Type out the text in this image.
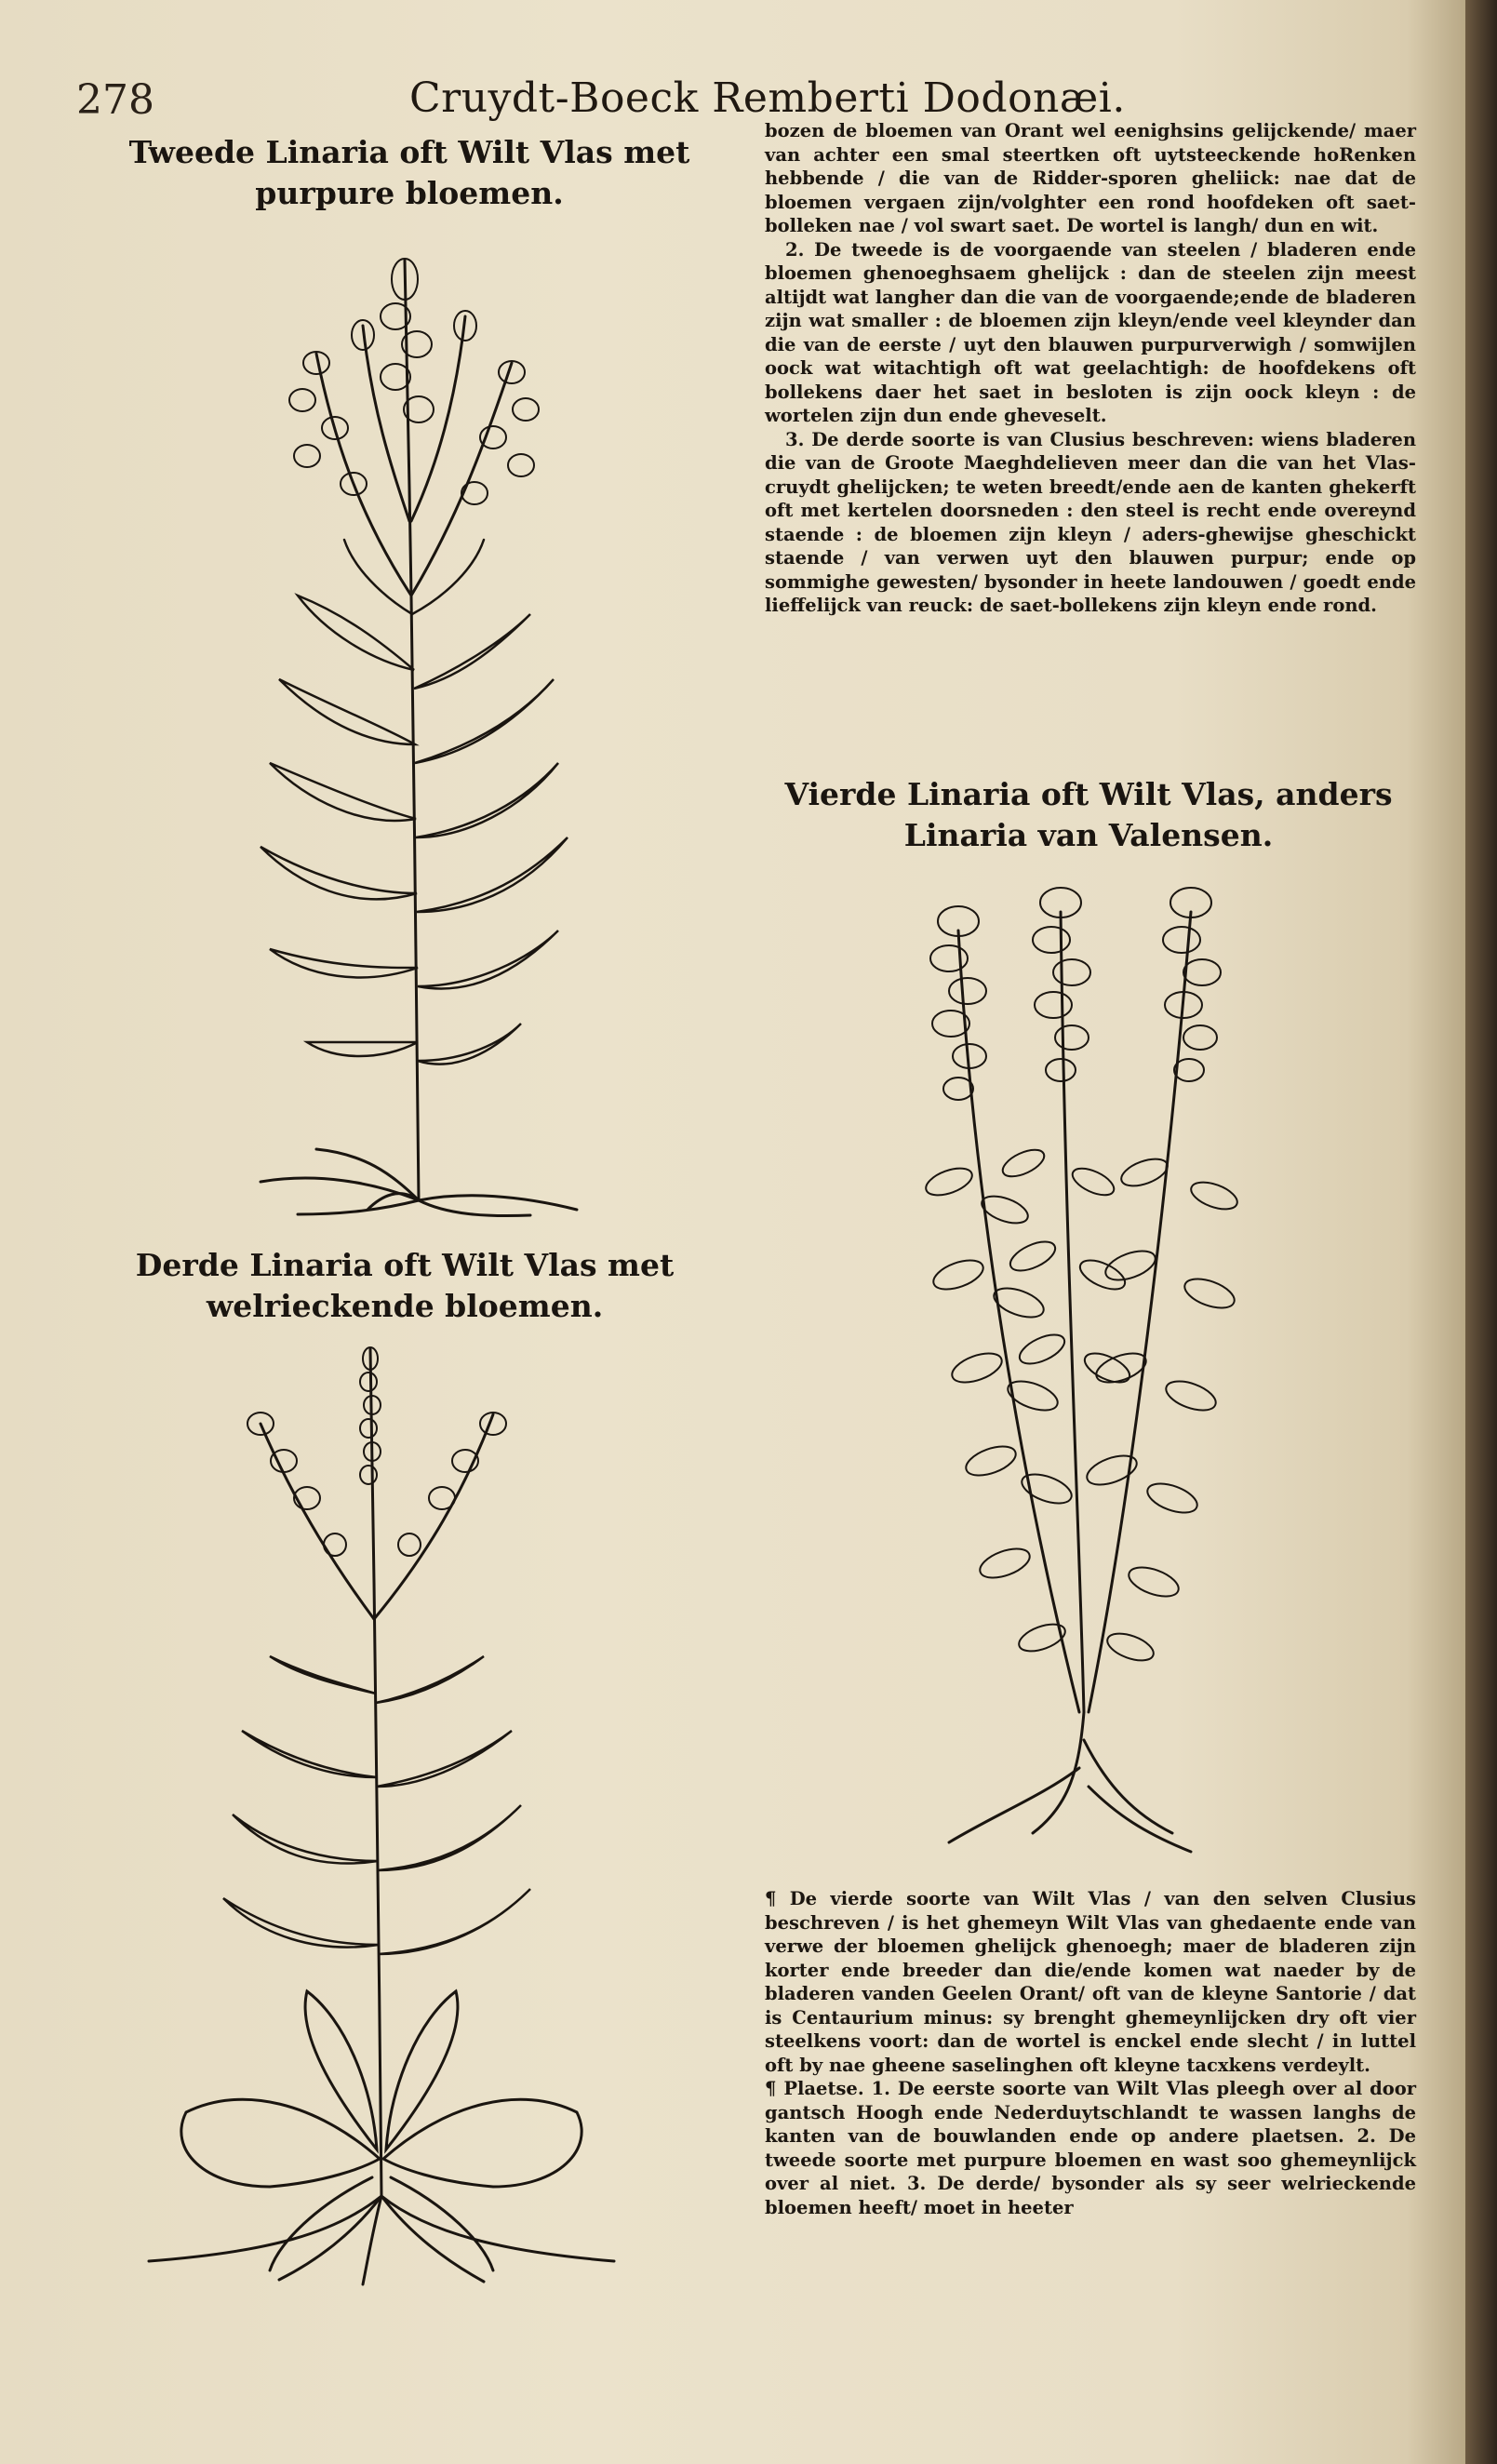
278	Cruydt-Boeck Remberti Dodonæi.
Tweede Linaria oft Wilt Vlas met purpure bloemen.
Derde Linaria oft Wilt Vlas met welrieckende bloemen.

bozen de bloemen van Orant wel eenighsins gelijckende/ maer van achter een smal steertken oft uytsteeckende hoRenken hebbende / die van de Ridder-sporen gheliick: nae dat de bloemen vergaen zijn/volghter een rond hoofdeken oft saet-bolleken nae / vol swart saet. De wortel is langh/ dun en wit.

2. De tweede is de voorgaende van steelen / bladeren ende bloemen ghenoeghsaem ghelijck : dan de steelen zijn meest altijdt wat langher dan die van de voorgaende;ende de bladeren zijn wat smaller : de bloemen zijn kleyn/ende veel kleynder dan die van de eerste / uyt den blauwen purpurverwigh / somwijlen oock wat witachtigh oft wat geelachtigh: de hoofdekens oft bollekens daer het saet in besloten is zijn oock kleyn : de wortelen zijn dun ende gheveselt.

3. De derde soorte is van Clusius beschreven: wiens bladeren die van de Groote Maeghdelieven meer dan die van het Vlas-cruydt ghelijcken; te weten breedt/ende aen de kanten ghekerft oft met kertelen doorsneden : den steel is recht ende overeynd staende : de bloemen zijn kleyn / aders-ghewijse gheschickt staende / van verwen uyt den blauwen purpur; ende op sommighe gewesten/ bysonder in heete landouwen / goedt ende lieffelijck van reuck: de saet-bollekens zijn kleyn ende rond.

Vierde Linaria oft Wilt Vlas, anders Linaria van Valensen.

¶ De vierde soorte van Wilt Vlas / van den selven Clusius beschreven / is het ghemeyn Wilt Vlas van ghedaente ende van verwe der bloemen ghelijck ghenoegh; maer de bladeren zijn korter ende breeder dan die/ende komen wat naeder by de bladeren vanden Geelen Orant/ oft van de kleyne Santorie / dat is Centaurium minus: sy brenght ghemeynlijcken dry oft vier steelkens voort: dan de wortel is enckel ende slecht / in luttel oft by nae gheene saselinghen oft kleyne tacxkens verdeylt.

¶ Plaetse. 1. De eerste soorte van Wilt Vlas pleegh over al door gantsch Hoogh ende Nederduytschlandt te wassen langhs de kanten van de bouwlanden ende op andere plaetsen. 2. De tweede soorte met purpure bloemen en wast soo ghemeynlijck over al niet. 3. De derde/ bysonder als sy seer welrieckende bloemen heeft/ moet in heeter
